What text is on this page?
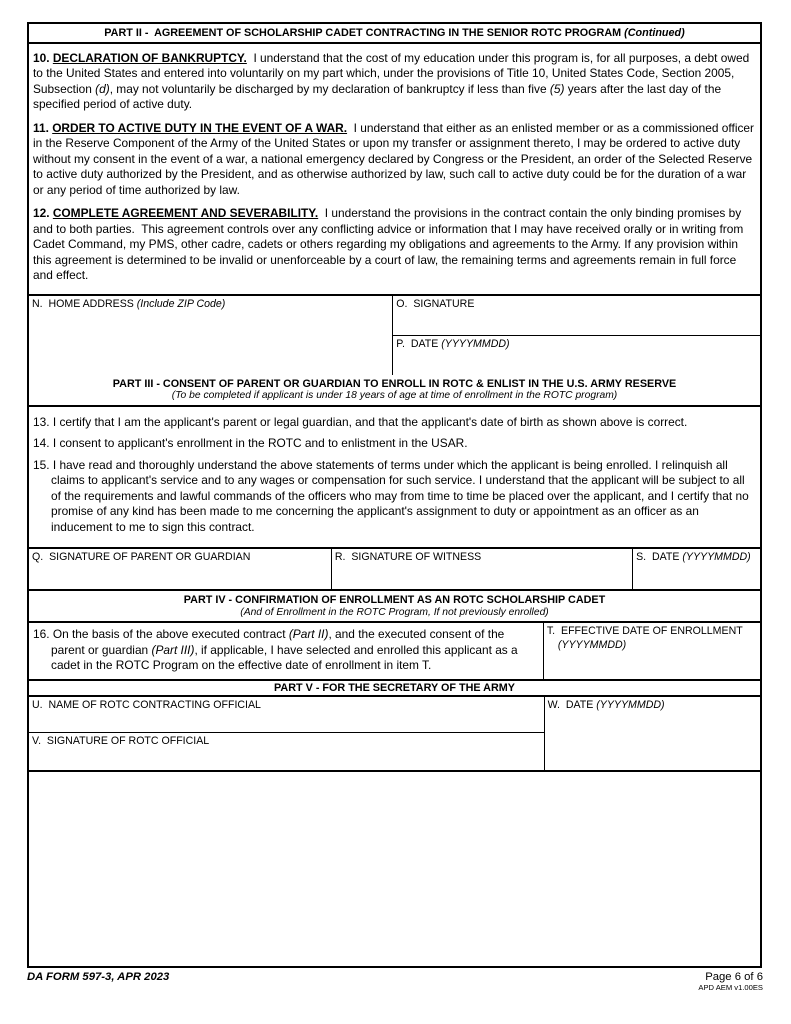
PART II -  AGREEMENT OF SCHOLARSHIP CADET CONTRACTING IN THE SENIOR ROTC PROGRAM (Continued)
10. DECLARATION OF BANKRUPTCY.  I understand that the cost of my education under this program is, for all purposes, a debt owed to the United States and entered into voluntarily on my part which, under the provisions of Title 10, United States Code, Section 2005, Subsection (d), may not voluntarily be discharged by my declaration of bankruptcy if less than five (5) years after the last day of the specified period of active duty.
11. ORDER TO ACTIVE DUTY IN THE EVENT OF A WAR.  I understand that either as an enlisted member or as a commissioned officer in the Reserve Component of the Army of the United States or upon my transfer or assignment thereto, I may be ordered to active duty without my consent in the event of a war, a national emergency declared by Congress or the President, an order of the Selected Reserve to active duty authorized by the President, and as otherwise authorized by law, such call to active duty could be for the duration of a war or any period of time authorized by law.
12. COMPLETE AGREEMENT AND SEVERABILITY.  I understand the provisions in the contract contain the only binding promises by and to both parties.  This agreement controls over any conflicting advice or information that I may have received orally or in writing from Cadet Command, my PMS, other cadre, cadets or others regarding my obligations and agreements to the Army. If any provision within this agreement is determined to be invalid or unenforceable by a court of law, the remaining terms and agreements remain in full force and effect.
N.  HOME ADDRESS (Include ZIP Code)	O.  SIGNATURE
P.  DATE (YYYYMMDD)
PART III - CONSENT OF PARENT OR GUARDIAN TO ENROLL IN ROTC & ENLIST IN THE U.S. ARMY RESERVE
(To be completed if applicant is under 18 years of age at time of enrollment in the ROTC program)
13. I certify that I am the applicant's parent or legal guardian, and that the applicant's date of birth as shown above is correct.
14. I consent to applicant's enrollment in the ROTC and to enlistment in the USAR.
15. I have read and thoroughly understand the above statements of terms under which the applicant is being enrolled. I relinquish all claims to applicant's service and to any wages or compensation for such service. I understand that the applicant will be subject to all of the requirements and lawful commands of the officers who may from time to time be placed over the applicant, and I certify that no promise of any kind has been made to me concerning the applicant's assignment to duty or appointment as an officer as an inducement to me to sign this contract.
Q.  SIGNATURE OF PARENT OR GUARDIAN	R.  SIGNATURE OF WITNESS	S.  DATE (YYYYMMDD)
PART IV - CONFIRMATION OF ENROLLMENT AS AN ROTC SCHOLARSHIP CADET
(And of Enrollment in the ROTC Program, If not previously enrolled)
16. On the basis of the above executed contract (Part II), and the executed consent of the parent or guardian (Part III), if applicable, I have selected and enrolled this applicant as a cadet in the ROTC Program on the effective date of enrollment in item T.
T.  EFFECTIVE DATE OF ENROLLMENT
(YYYYMMDD)
PART V - FOR THE SECRETARY OF THE ARMY
U.  NAME OF ROTC CONTRACTING OFFICIAL
V.  SIGNATURE OF ROTC OFFICIAL
W.  DATE (YYYYMMDD)
DA FORM 597-3, APR 2023	Page 6 of 6
APD AEM v1.00ES
